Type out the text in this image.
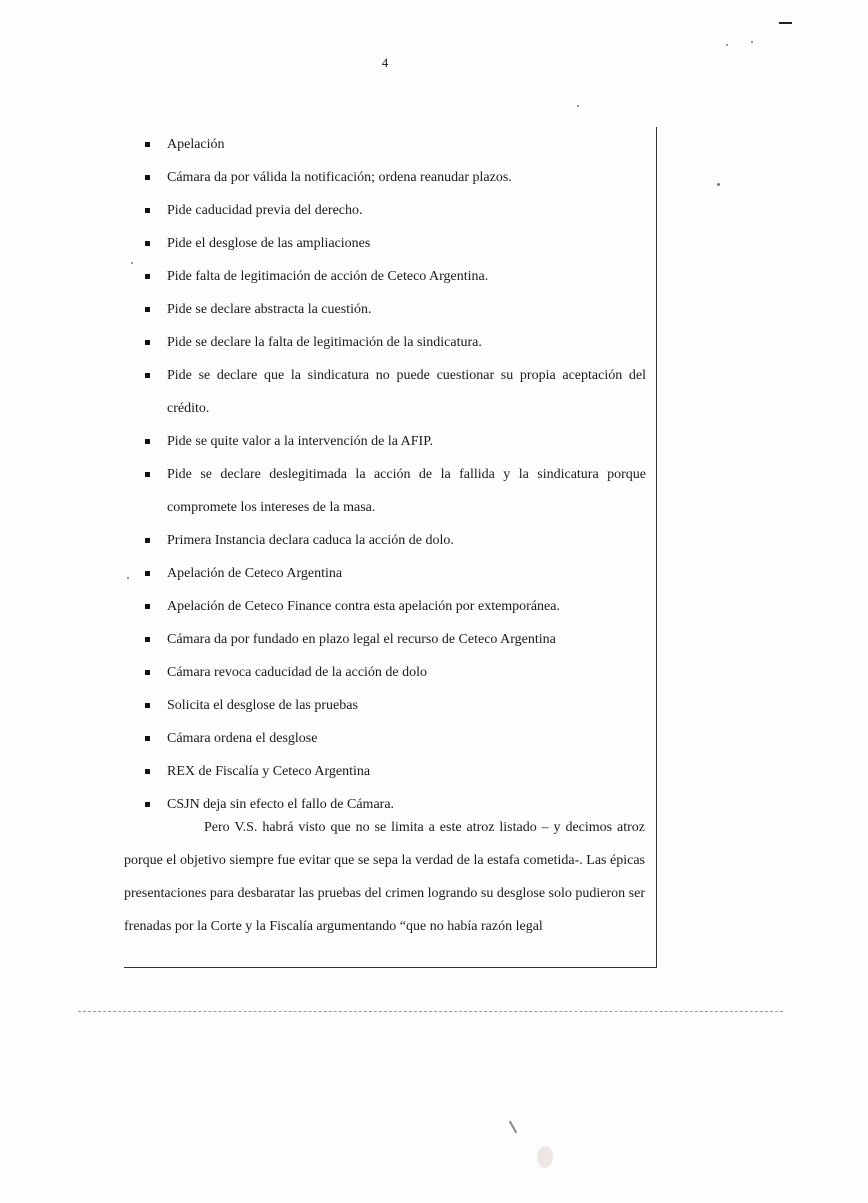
4
Apelación
Cámara da por válida la notificación; ordena reanudar plazos.
Pide caducidad previa del derecho.
Pide el desglose de las ampliaciones
Pide falta de legitimación de acción de Ceteco Argentina.
Pide se declare abstracta la cuestión.
Pide se declare la falta de legitimación de la sindicatura.
Pide se declare que la sindicatura no puede cuestionar su propia aceptación del crédito.
Pide se quite valor a la intervención de la AFIP.
Pide se declare deslegitimada la acción de la fallida y la sindicatura porque compromete los intereses de la masa.
Primera Instancia declara caduca la acción de dolo.
Apelación de Ceteco Argentina
Apelación de Ceteco Finance contra esta apelación por extemporánea.
Cámara da por fundado en plazo legal el recurso de Ceteco Argentina
Cámara revoca caducidad de la acción de dolo
Solicita el desglose de las pruebas
Cámara ordena el desglose
REX de Fiscalía y Ceteco Argentina
CSJN deja sin efecto el fallo de Cámara.

Pero V.S. habrá visto que no se limita a este atroz listado – y decimos atroz porque el objetivo siempre fue evitar que se sepa la verdad de la estafa cometida-. Las épicas presentaciones para desbaratar las pruebas del crimen logrando su desglose solo pudieron ser frenadas por la Corte y la Fiscalía argumentando “que no había razón legal
